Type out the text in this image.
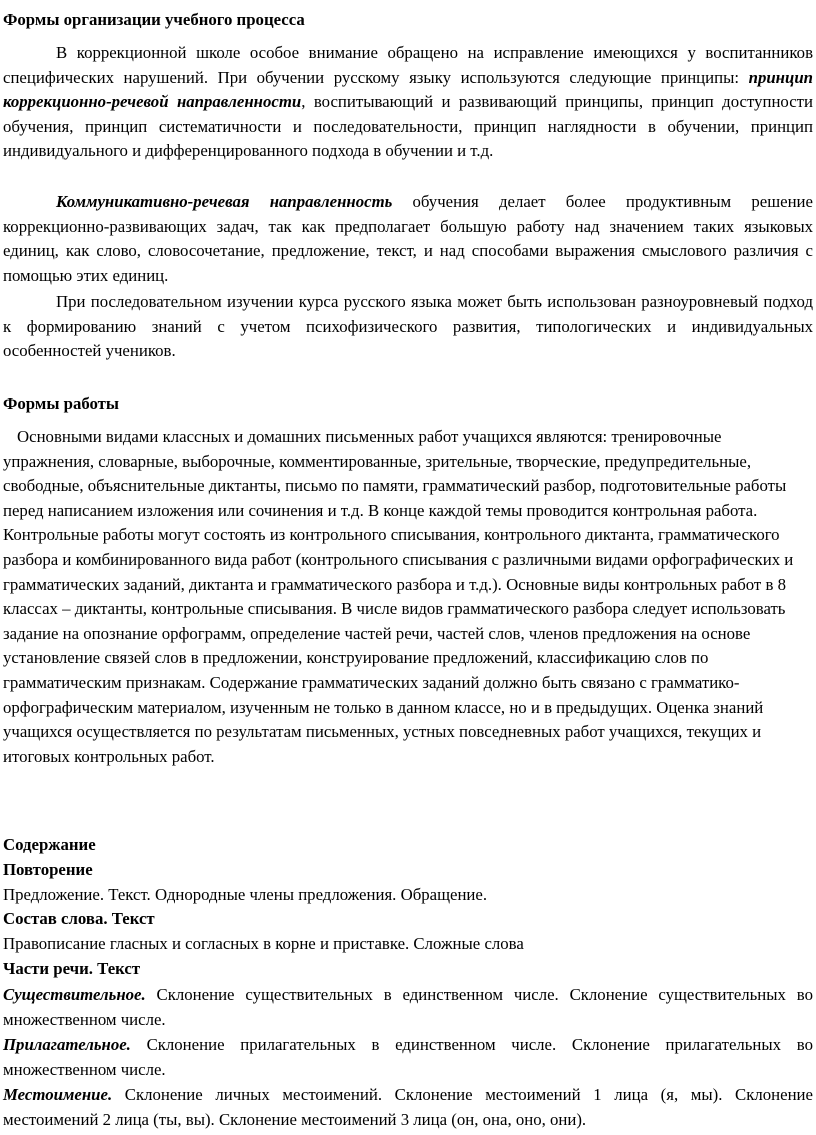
Формы организации учебного процесса

В коррекционной школе особое внимание обращено на исправление имеющихся у воспитанников специфических нарушений. При обучении русскому языку используются следующие принципы: принцип коррекционно-речевой направленности, воспитывающий и развивающий принципы, принцип доступности обучения, принцип систематичности и последовательности, принцип наглядности в обучении, принцип индивидуального и дифференцированного подхода в обучении и т.д.

Коммуникативно-речевая направленность обучения делает более продуктивным решение коррекционно-развивающих задач, так как предполагает большую работу над значением таких языковых единиц, как слово, словосочетание, предложение, текст, и над способами выражения смыслового различия с помощью этих единиц.

При последовательном изучении курса русского языка может быть использован разноуровневый подход к формированию знаний с учетом психофизического развития, типологических и индивидуальных особенностей учеников.

Формы работы

Основными видами классных и домашних письменных работ учащихся являются: тренировочные упражнения, словарные, выборочные, комментированные, зрительные, творческие, предупредительные, свободные, объяснительные диктанты, письмо по памяти, грамматический разбор, подготовительные работы перед написанием изложения или сочинения и т.д. В конце каждой темы проводится контрольная работа. Контрольные работы могут состоять из контрольного списывания, контрольного диктанта, грамматического разбора и комбинированного вида работ (контрольного списывания с различными видами орфографических и грамматических заданий, диктанта и грамматического разбора и т.д.). Основные виды контрольных работ в 8 классах – диктанты, контрольные списывания. В числе видов грамматического разбора следует использовать задание на опознание орфограмм, определение частей речи, частей слов, членов предложения на основе установление связей слов в предложении, конструирование предложений, классификацию слов по грамматическим признакам. Содержание грамматических заданий должно быть связано с грамматико-орфографическим материалом, изученным не только в данном классе, но и в предыдущих. Оценка знаний учащихся осуществляется по результатам письменных, устных повседневных работ учащихся, текущих и итоговых контрольных работ.

Содержание

Повторение

Предложение. Текст. Однородные члены предложения. Обращение.

Состав слова. Текст

Правописание гласных и согласных в корне и приставке. Сложные слова

Части речи. Текст

Существительное. Склонение существительных в единственном числе. Склонение существительных во множественном числе.

Прилагательное. Склонение прилагательных в единственном числе. Склонение прилагательных во множественном числе.

Местоимение. Склонение личных местоимений. Склонение местоимений 1 лица (я, мы). Склонение местоимений 2 лица (ты, вы). Склонение местоимений 3 лица (он, она, оно, они).
